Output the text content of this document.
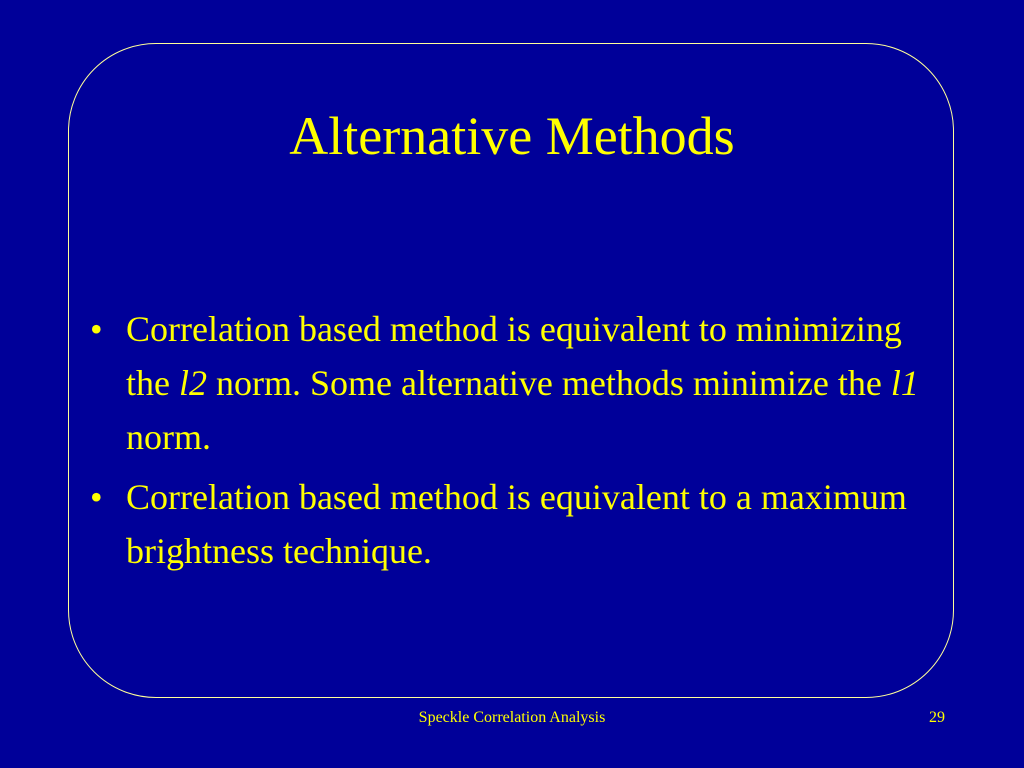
Alternative Methods
• Correlation based method is equivalent to minimizing the l2 norm. Some alternative methods minimize the l1 norm.
• Correlation based method is equivalent to a maximum brightness technique.
Speckle Correlation Analysis	29
